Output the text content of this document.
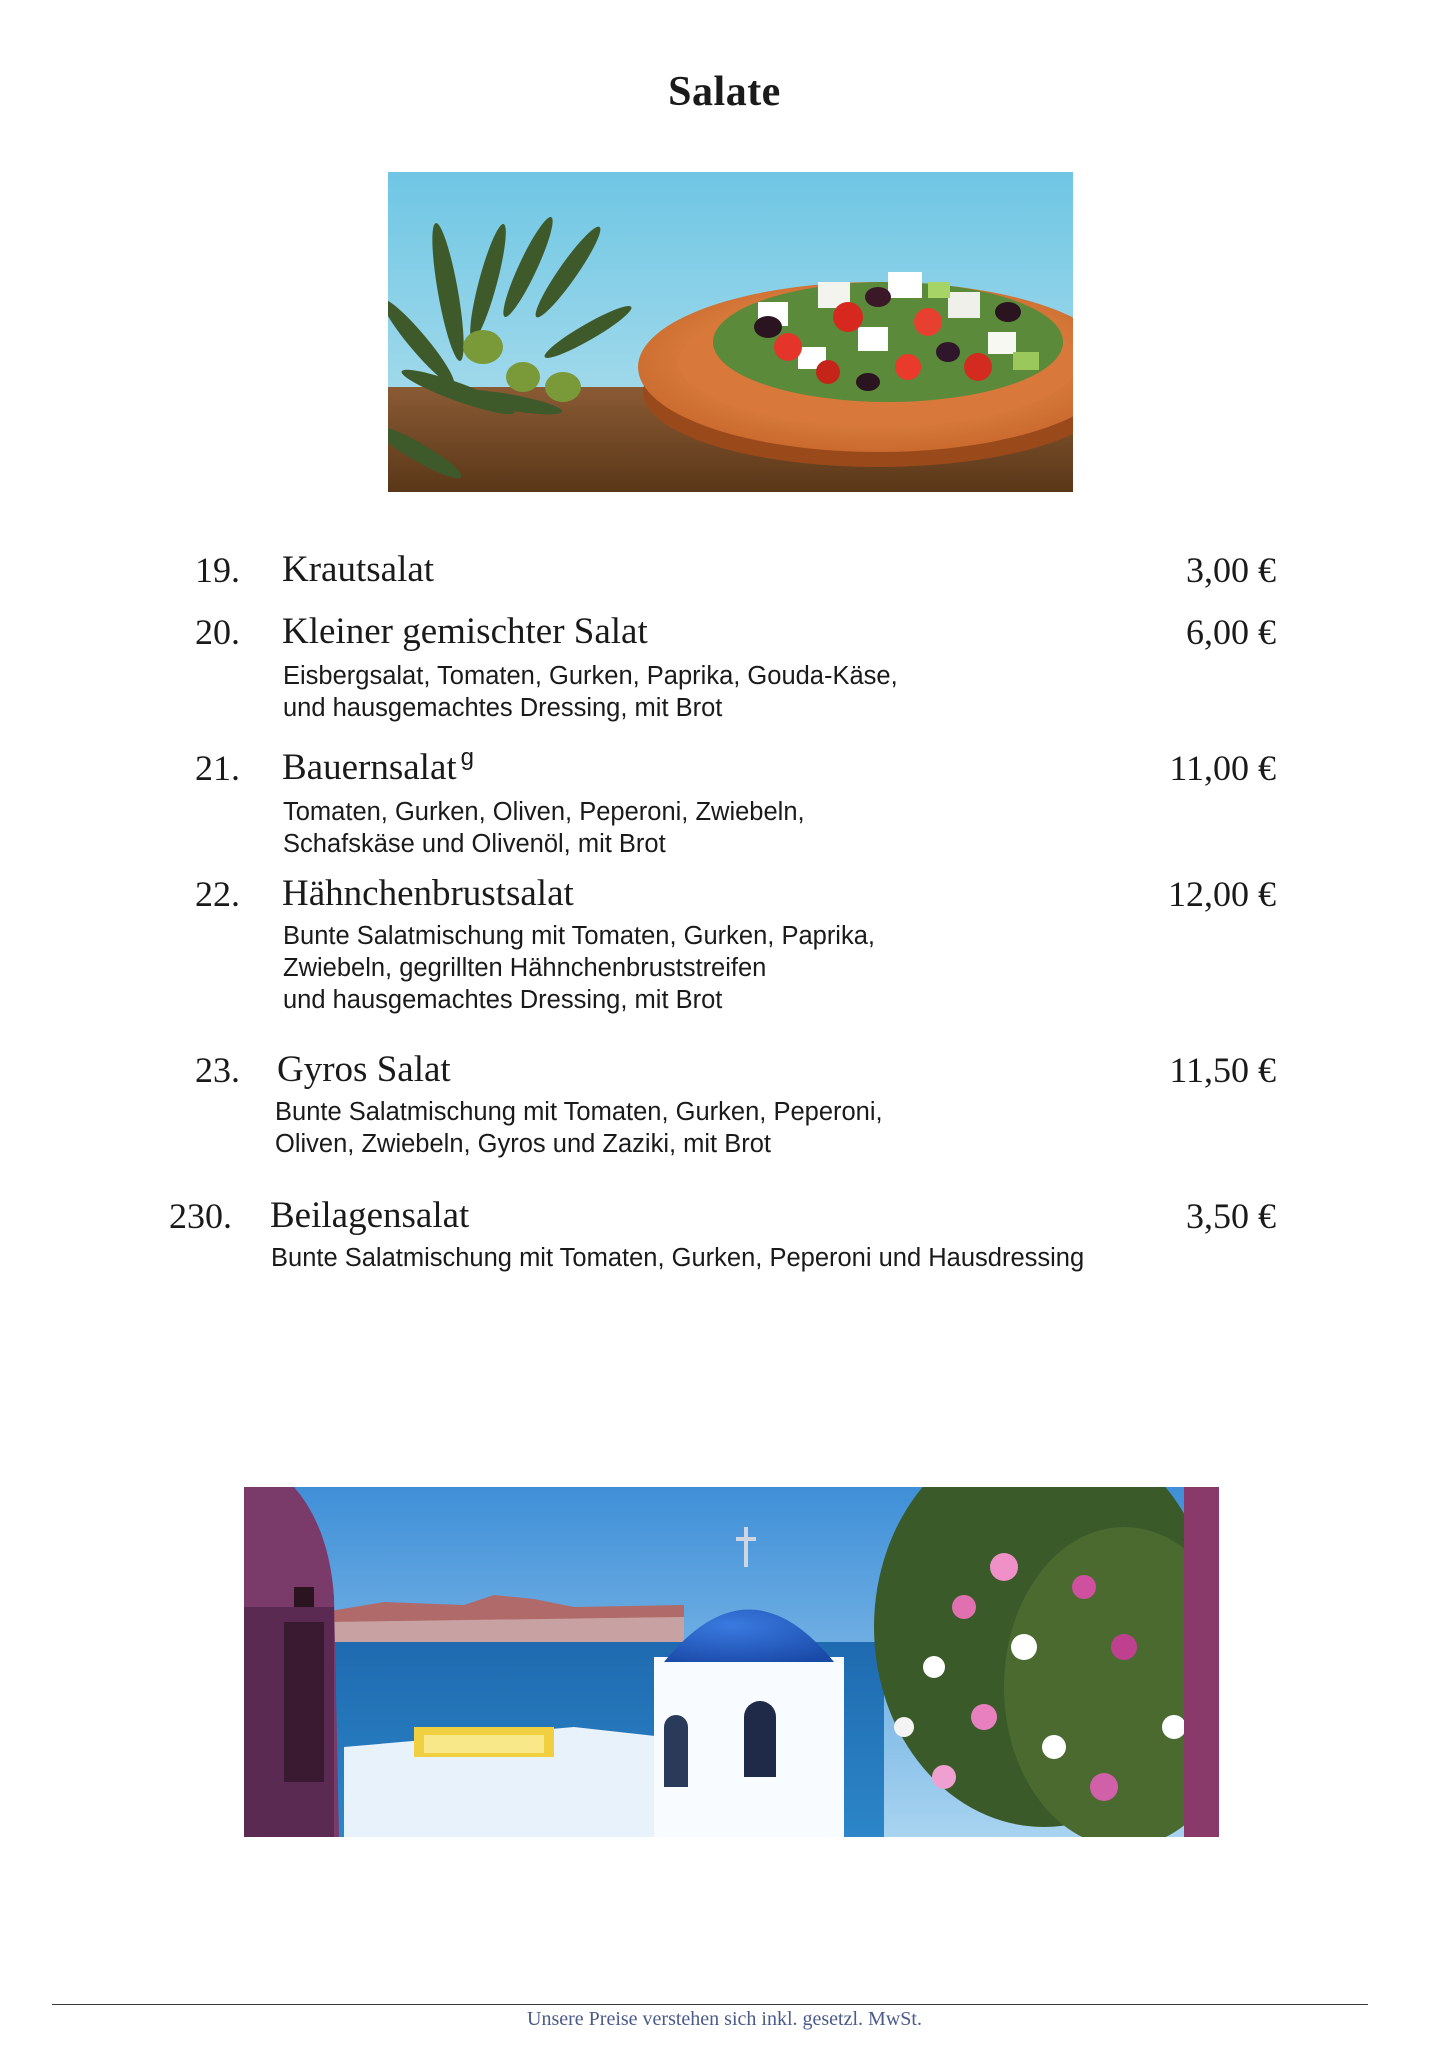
Salate
19. Krautsalat	3,00 €
20. Kleiner gemischter Salat	6,00 €
Eisbergsalat, Tomaten, Gurken, Paprika, Gouda-Käse,
und hausgemachtes Dressing, mit Brot
21. Bauernsalat $^g$	11,00 €
Tomaten, Gurken, Oliven, Peperoni, Zwiebeln,
Schafskäse und Olivenöl, mit Brot
22. Hähnchenbrustsalat	12,00 €
Bunte Salatmischung mit Tomaten, Gurken, Paprika,
Zwiebeln, gegrillten Hähnchenbruststreifen
und hausgemachtes Dressing, mit Brot
23. Gyros Salat	11,50 €
Bunte Salatmischung mit Tomaten, Gurken, Peperoni,
Oliven, Zwiebeln, Gyros und Zaziki, mit Brot
230. Beilagensalat	3,50 €
Bunte Salatmischung mit Tomaten, Gurken, Peperoni und Hausdressing
Unsere Preise verstehen sich inkl. gesetzl. MwSt.
